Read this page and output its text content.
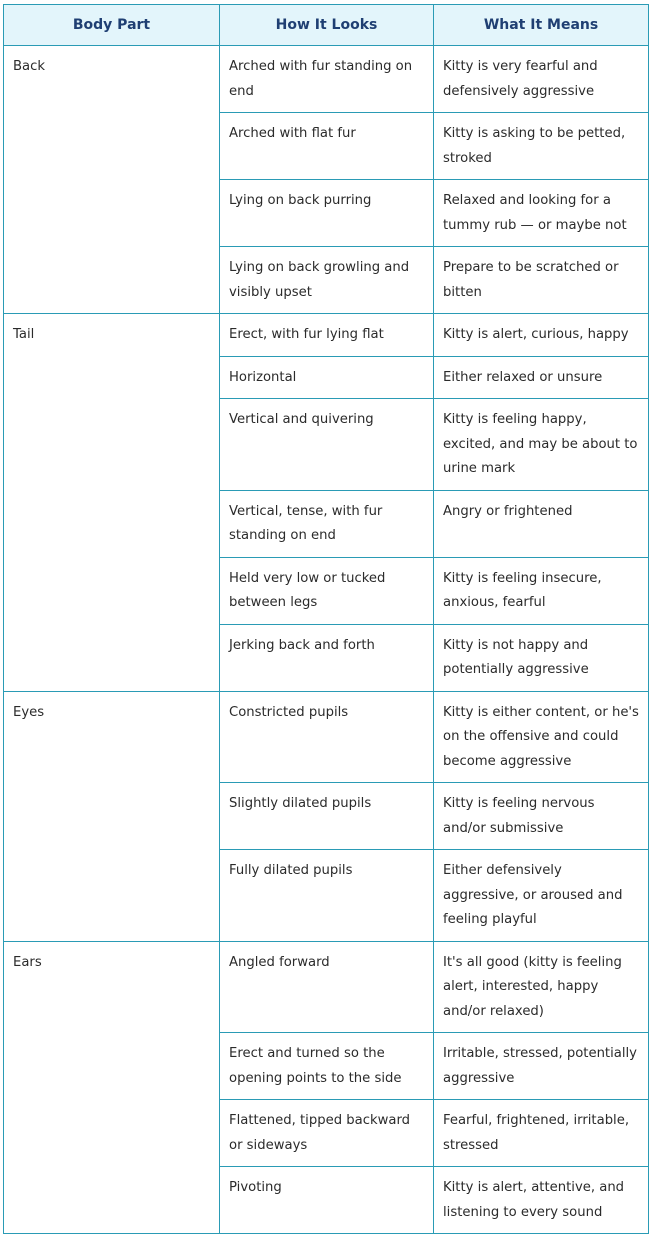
Body Part	How It Looks	What It Means
Back	Arched with fur standing on end	Kitty is very fearful and defensively aggressive
	Arched with flat fur	Kitty is asking to be petted, stroked
	Lying on back purring	Relaxed and looking for a tummy rub — or maybe not
	Lying on back growling and visibly upset	Prepare to be scratched or bitten
Tail	Erect, with fur lying flat	Kitty is alert, curious, happy
	Horizontal	Either relaxed or unsure
	Vertical and quivering	Kitty is feeling happy, excited, and may be about to urine mark
	Vertical, tense, with fur standing on end	Angry or frightened
	Held very low or tucked between legs	Kitty is feeling insecure, anxious, fearful
	Jerking back and forth	Kitty is not happy and potentially aggressive
Eyes	Constricted pupils	Kitty is either content, or he's on the offensive and could become aggressive
	Slightly dilated pupils	Kitty is feeling nervous and/or submissive
	Fully dilated pupils	Either defensively aggressive, or aroused and feeling playful
Ears	Angled forward	It's all good (kitty is feeling alert, interested, happy and/or relaxed)
	Erect and turned so the opening points to the side	Irritable, stressed, potentially aggressive
	Flattened, tipped backward or sideways	Fearful, frightened, irritable, stressed
	Pivoting	Kitty is alert, attentive, and listening to every sound
